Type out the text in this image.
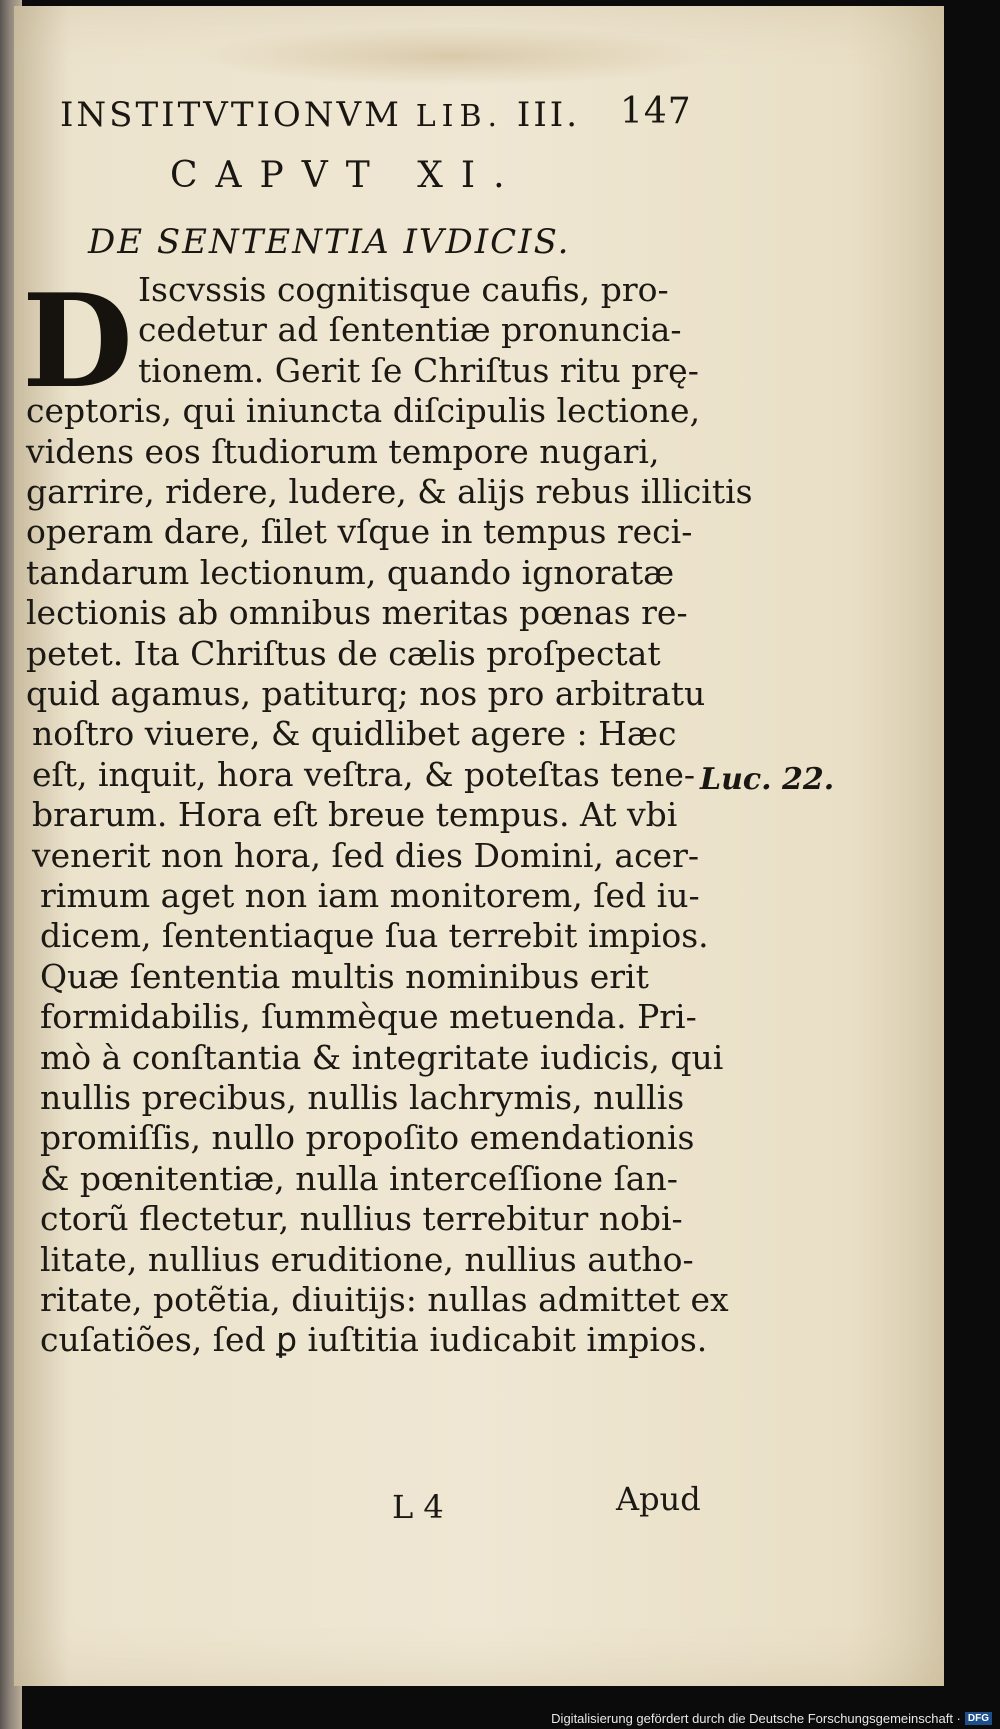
INSTITVTIONVM LIB. III. 147
CAPVT XI.
DE SENTENTIA IVDICIS.
D Iscvssis cognitisque caufis, pro-
cedetur ad ſententiæ pronuncia-
tionem. Gerit ſe Chriſtus ritu prę-
ceptoris, qui iniuncta diſcipulis lectione,
videns eos ſtudiorum tempore nugari,
garrire, ridere, ludere, & alijs rebus illicitis
operam dare, ſilet vſque in tempus reci-
tandarum lectionum, quando ignoratæ
lectionis ab omnibus meritas pœnas re-
petet. Ita Chriſtus de cælis proſpectat
quid agamus, patiturq; nos pro arbitratu
noſtro viuere, & quidlibet agere : Hæc
eſt, inquit, hora veſtra, & poteſtas tene-
brarum. Hora eſt breue tempus. At vbi
venerit non hora, ſed dies Domini, acer-
rimum aget non iam monitorem, ſed iu-
dicem, ſententiaque ſua terrebit impios.
Quæ ſententia multis nominibus erit
formidabilis, ſummèque metuenda. Pri-
mò à conſtantia & integritate iudicis, qui
nullis precibus, nullis lachrymis, nullis
promiſſis, nullo propoſito emendationis
& pœnitentiæ, nulla interceſſione ſan-
ctorũ flectetur, nullius terrebitur nobi-
litate, nullius eruditione, nullius autho-
ritate, potẽtia, diuitijs: nullas admittet ex
cuſatiões, ſed ꝑ iuſtitia iudicabit impios.
Luc. 22.
L 4	Apud
Digitalisierung gefördert durch die Deutsche Forschungsgemeinschaft · DFG
